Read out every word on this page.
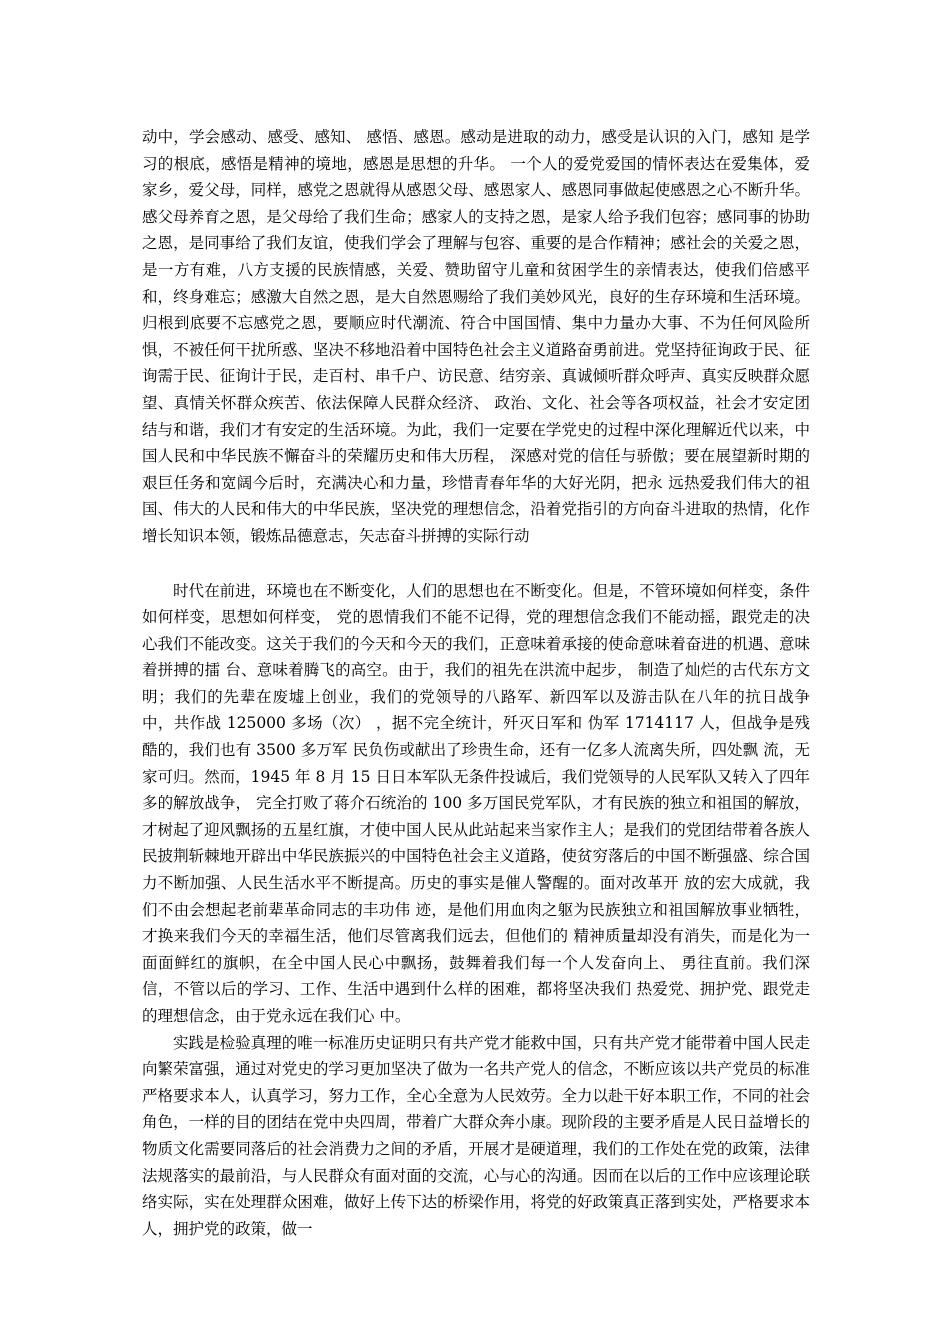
动中，学会感动、感受、感知、 感悟、感恩。感动是进取的动力，感受是认识的入门，感知 是学习的根底，感悟是精神的境地，感恩是思想的升华。 一个人的爱党爱国的情怀表达在爱集体，爱家乡，爱父母，同样，感党之恩就得从感恩父母、感恩家人、感恩同事做起使感恩之心不断升华。感父母养育之恩，是父母给了我们生命；感家人的支持之恩，是家人给予我们包容；感同事的协助之恩，是同事给了我们友谊，使我们学会了理解与包容、重要的是合作精神；感社会的关爱之恩，是一方有难，八方支援的民族情感，关爱、赞助留守儿童和贫困学生的亲情表达，使我们倍感平和，终身难忘；感激大自然之恩，是大自然恩赐给了我们美妙风光，良好的生存环境和生活环境。归根到底要不忘感党之恩，要顺应时代潮流、符合中国国情、集中力量办大事、不为任何风险所惧，不被任何干扰所惑、坚决不移地沿着中国特色社会主义道路奋勇前进。党坚持征询政于民、征询需于民、征询计于民，走百村、串千户、访民意、结穷亲、真诚倾听群众呼声、真实反映群众愿望、真情关怀群众疾苦、依法保障人民群众经济、 政治、文化、社会等各项权益，社会才安定团结与和谐，我们才有安定的生活环境。为此，我们一定要在学党史的过程中深化理解近代以来，中国人民和中华民族不懈奋斗的荣耀历史和伟大历程， 深感对党的信任与骄傲；要在展望新时期的艰巨任务和宽阔今后时，充满决心和力量，珍惜青春年华的大好光阴，把永 远热爱我们伟大的祖国、伟大的人民和伟大的中华民族，坚决党的理想信念，沿着党指引的方向奋斗进取的热情，化作增长知识本领，锻炼品德意志，矢志奋斗拼搏的实际行动

时代在前进，环境也在不断变化，人们的思想也在不断变化。但是，不管环境如何样变，条件如何样变，思想如何样变， 党的恩情我们不能不记得，党的理想信念我们不能动摇，跟党走的决心我们不能改变。这关于我们的今天和今天的我们，正意味着承接的使命意味着奋进的机遇、意味着拼搏的擂 台、意味着腾飞的高空。由于，我们的祖先在洪流中起步， 制造了灿烂的古代东方文明；我们的先辈在废墟上创业，我们的党领导的八路军、新四军以及游击队在八年的抗日战争 中，共作战 125000 多场（次） ，据不完全统计，歼灭日军和 伪军 1714117 人，但战争是残酷的，我们也有 3500 多万军 民负伤或献出了珍贵生命，还有一亿多人流离失所，四处飘 流，无家可归。然而，1945 年 8 月 15 日日本军队无条件投诚后，我们党领导的人民军队又转入了四年多的解放战争， 完全打败了蒋介石统治的 100 多万国民党军队，才有民族的独立和祖国的解放，才树起了迎风飘扬的五星红旗，才使中国人民从此站起来当家作主人；是我们的党团结带着各族人民披荆斩棘地开辟出中华民族振兴的中国特色社会主义道路，使贫穷落后的中国不断强盛、综合国力不断加强、人民生活水平不断提高。历史的事实是催人警醒的。面对改革开 放的宏大成就，我们不由会想起老前辈革命同志的丰功伟 迹，是他们用血肉之躯为民族独立和祖国解放事业牺牲，才换来我们今天的幸福生活，他们尽管离我们远去，但他们的 精神质量却没有消失，而是化为一面面鲜红的旗帜，在全中国人民心中飘扬，鼓舞着我们每一个人发奋向上、 勇往直前。我们深信，不管以后的学习、工作、生活中遇到什么样的困难，都将坚决我们 热爱党、拥护党、跟党走的理想信念，由于党永远在我们心 中。

实践是检验真理的唯一标准历史证明只有共产党才能救中国，只有共产党才能带着中国人民走向繁荣富强，通过对党史的学习更加坚决了做为一名共产党人的信念，不断应该以共产党员的标准严格要求本人，认真学习，努力工作，全心全意为人民效劳。全力以赴干好本职工作，不同的社会角色，一样的目的团结在党中央四周，带着广大群众奔小康。现阶段的主要矛盾是人民日益增长的物质文化需要同落后的社会消费力之间的矛盾，开展才是硬道理，我们的工作处在党的政策，法律法规落实的最前沿，与人民群众有面对面的交流，心与心的沟通。因而在以后的工作中应该理论联络实际，实在处理群众困难，做好上传下达的桥梁作用，将党的好政策真正落到实处，严格要求本人，拥护党的政策，做一
